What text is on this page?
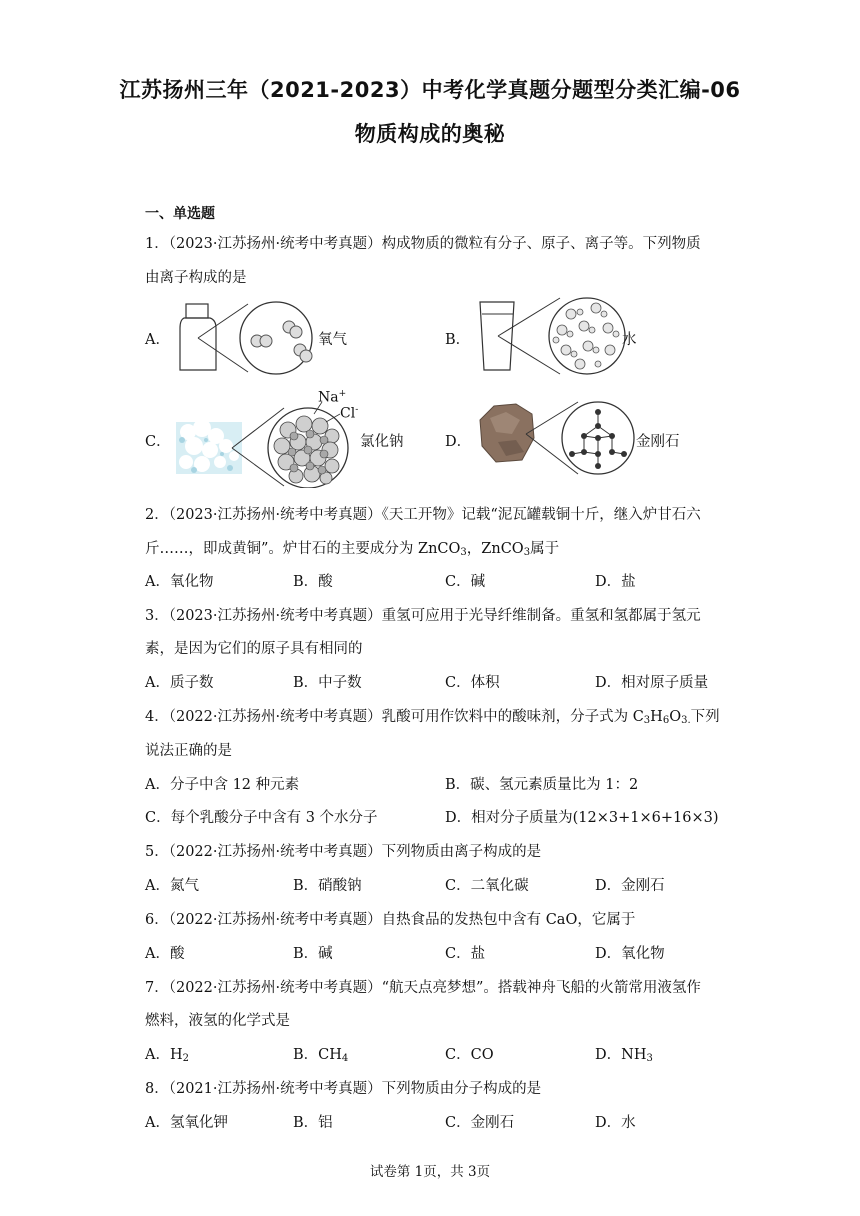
江苏扬州三年（2021-2023）中考化学真题分题型分类汇编-06
物质构成的奥秘
一、单选题
1．（2023·江苏扬州·统考中考真题）构成物质的微粒有分子、原子、离子等。下列物质
由离子构成的是
A．	氧气	B．	水
C．
Na+
Cl-
氯化钠	D．	金刚石
2．（2023·江苏扬州·统考中考真题）《天工开物》记载“泥瓦罐载铜十斤，继入炉甘石六
斤……，即成黄铜”。炉甘石的主要成分为 ZnCO$_3$，ZnCO$_3$属于
A．氧化物	B．酸	C．碱	D．盐
3．（2023·江苏扬州·统考中考真题）重氢可应用于光导纤维制备。重氢和氢都属于氢元
素，是因为它们的原子具有相同的
A．质子数	B．中子数	C．体积	D．相对原子质量
4．（2022·江苏扬州·统考中考真题）乳酸可用作饮料中的酸味剂，分子式为 $C_3H_6O_{3.}$下列
说法正确的是
A．分子中含 12 种元素	B．碳、氢元素质量比为 1：2
C．每个乳酸分子中含有 3 个水分子	D．相对分子质量为(12×3+1×6+16×3)
5．（2022·江苏扬州·统考中考真题）下列物质由离子构成的是
A．氮气	B．硝酸钠	C．二氧化碳	D．金刚石
6．（2022·江苏扬州·统考中考真题）自热食品的发热包中含有 CaO，它属于
A．酸	B．碱	C．盐	D．氧化物
7．（2022·江苏扬州·统考中考真题）“航天点亮梦想”。搭载神舟飞船的火箭常用液氢作
燃料，液氢的化学式是
A．$H_2$	B．$CH_4$	C．CO	D．$NH_3$
8．（2021·江苏扬州·统考中考真题）下列物质由分子构成的是
A．氢氧化钾	B．铝	C．金刚石	D．水
试卷第 1页，共 3页
